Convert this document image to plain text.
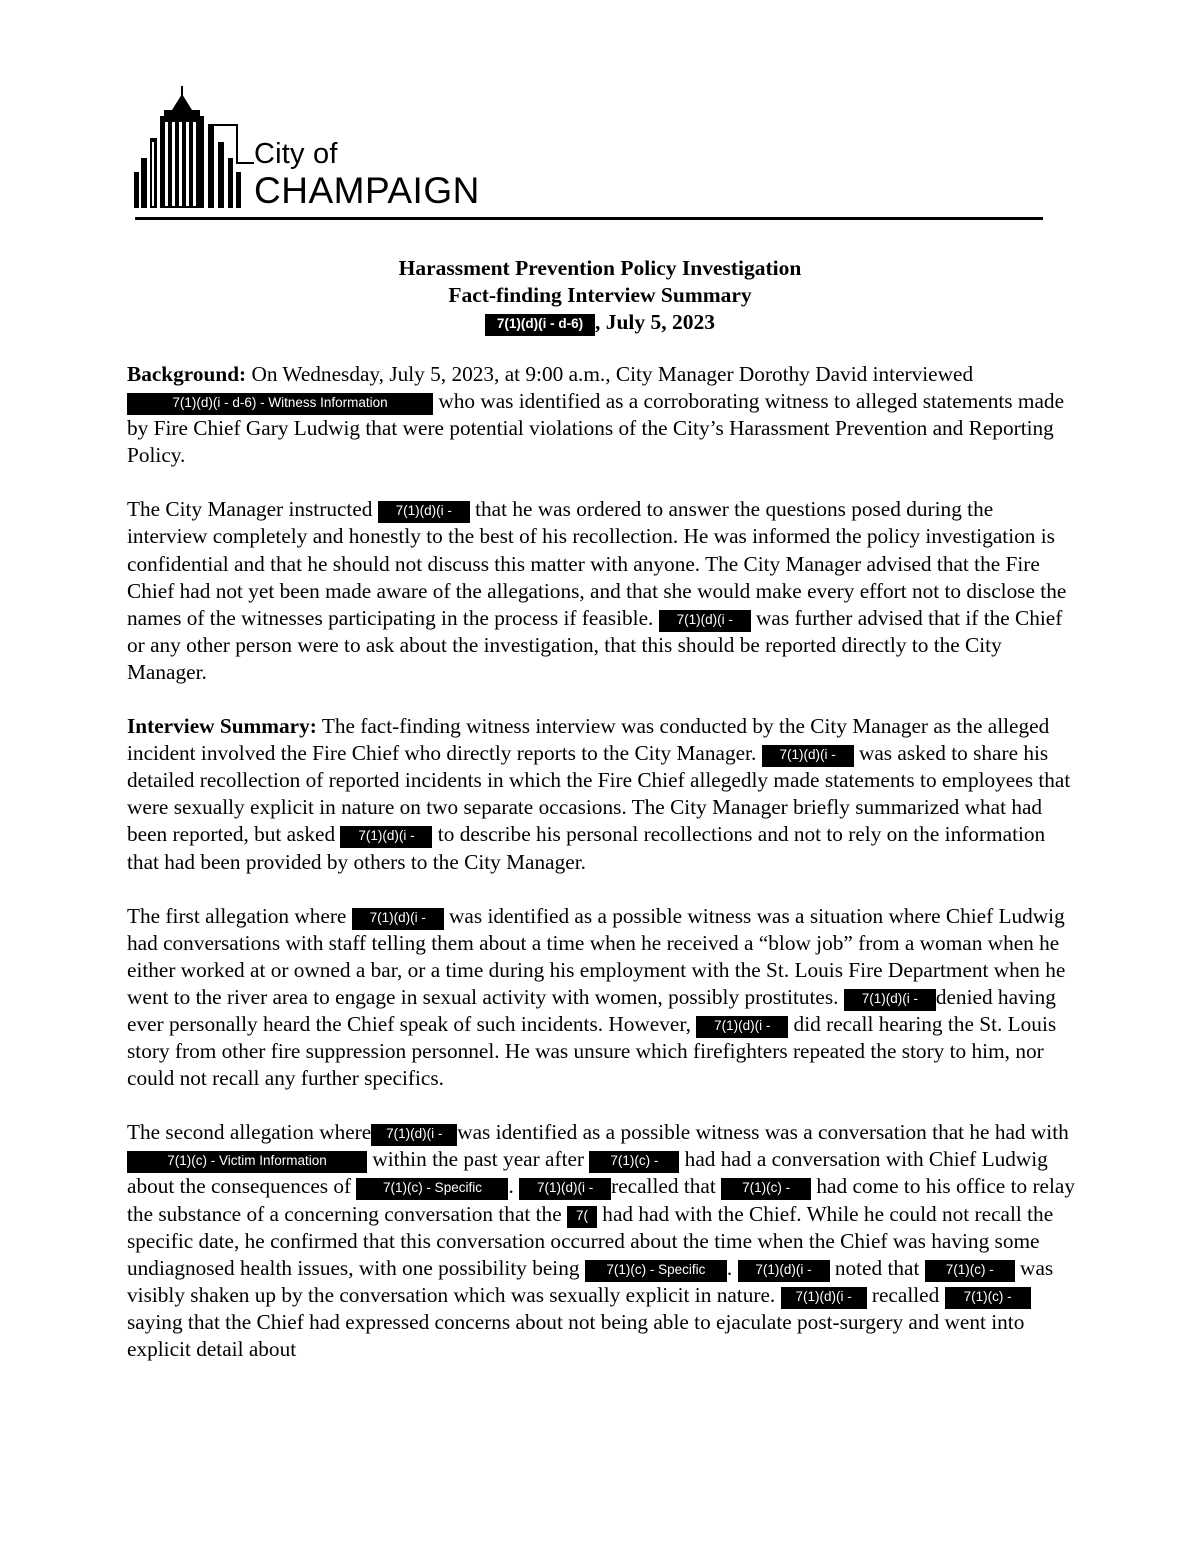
City of
CHAMPAIGN
Harassment Prevention Policy Investigation
Fact-finding Interview Summary
7(1)(d)(i - d-6) , July 5, 2023

Background: On Wednesday, July 5, 2023, at 9:00 a.m., City Manager Dorothy David interviewed 7(1)(d)(i - d-6) - Witness Information who was identified as a corroborating witness to alleged statements made by Fire Chief Gary Ludwig that were potential violations of the City’s Harassment Prevention and Reporting Policy.

The City Manager instructed 7(1)(d)(i - that he was ordered to answer the questions posed during the interview completely and honestly to the best of his recollection. He was informed the policy investigation is confidential and that he should not discuss this matter with anyone. The City Manager advised that the Fire Chief had not yet been made aware of the allegations, and that she would make every effort not to disclose the names of the witnesses participating in the process if feasible. 7(1)(d)(i - was further advised that if the Chief or any other person were to ask about the investigation, that this should be reported directly to the City Manager.

Interview Summary: The fact-finding witness interview was conducted by the City Manager as the alleged incident involved the Fire Chief who directly reports to the City Manager. 7(1)(d)(i - was asked to share his detailed recollection of reported incidents in which the Fire Chief allegedly made statements to employees that were sexually explicit in nature on two separate occasions. The City Manager briefly summarized what had been reported, but asked 7(1)(d)(i - to describe his personal recollections and not to rely on the information that had been provided by others to the City Manager.

The first allegation where 7(1)(d)(i - was identified as a possible witness was a situation where Chief Ludwig had conversations with staff telling them about a time when he received a “blow job” from a woman when he either worked at or owned a bar, or a time during his employment with the St. Louis Fire Department when he went to the river area to engage in sexual activity with women, possibly prostitutes. 7(1)(d)(i - denied having ever personally heard the Chief speak of such incidents. However, 7(1)(d)(i - did recall hearing the St. Louis story from other fire suppression personnel. He was unsure which firefighters repeated the story to him, nor could not recall any further specifics.

The second allegation where 7(1)(d)(i - was identified as a possible witness was a conversation that he had with7(1)(c) - Victim Information within the past year after 7(1)(c) - had had a conversation with Chief Ludwig about the consequences of 7(1)(c) - Specific . 7(1)(d)(i - recalled that 7(1)(c) - had come to his office to relay the substance of a concerning conversation that the 7( had had with the Chief. While he could not recall the specific date, he confirmed that this conversation occurred about the time when the Chief was having some undiagnosed health issues, with one possibility being 7(1)(c) - Specific . 7(1)(d)(i - noted that 7(1)(c) - was visibly shaken up by the conversation which was sexually explicit in nature. 7(1)(d)(i - recalled 7(1)(c) - saying that the Chief had expressed concerns about not being able to ejaculate post-surgery and went into explicit detail about
